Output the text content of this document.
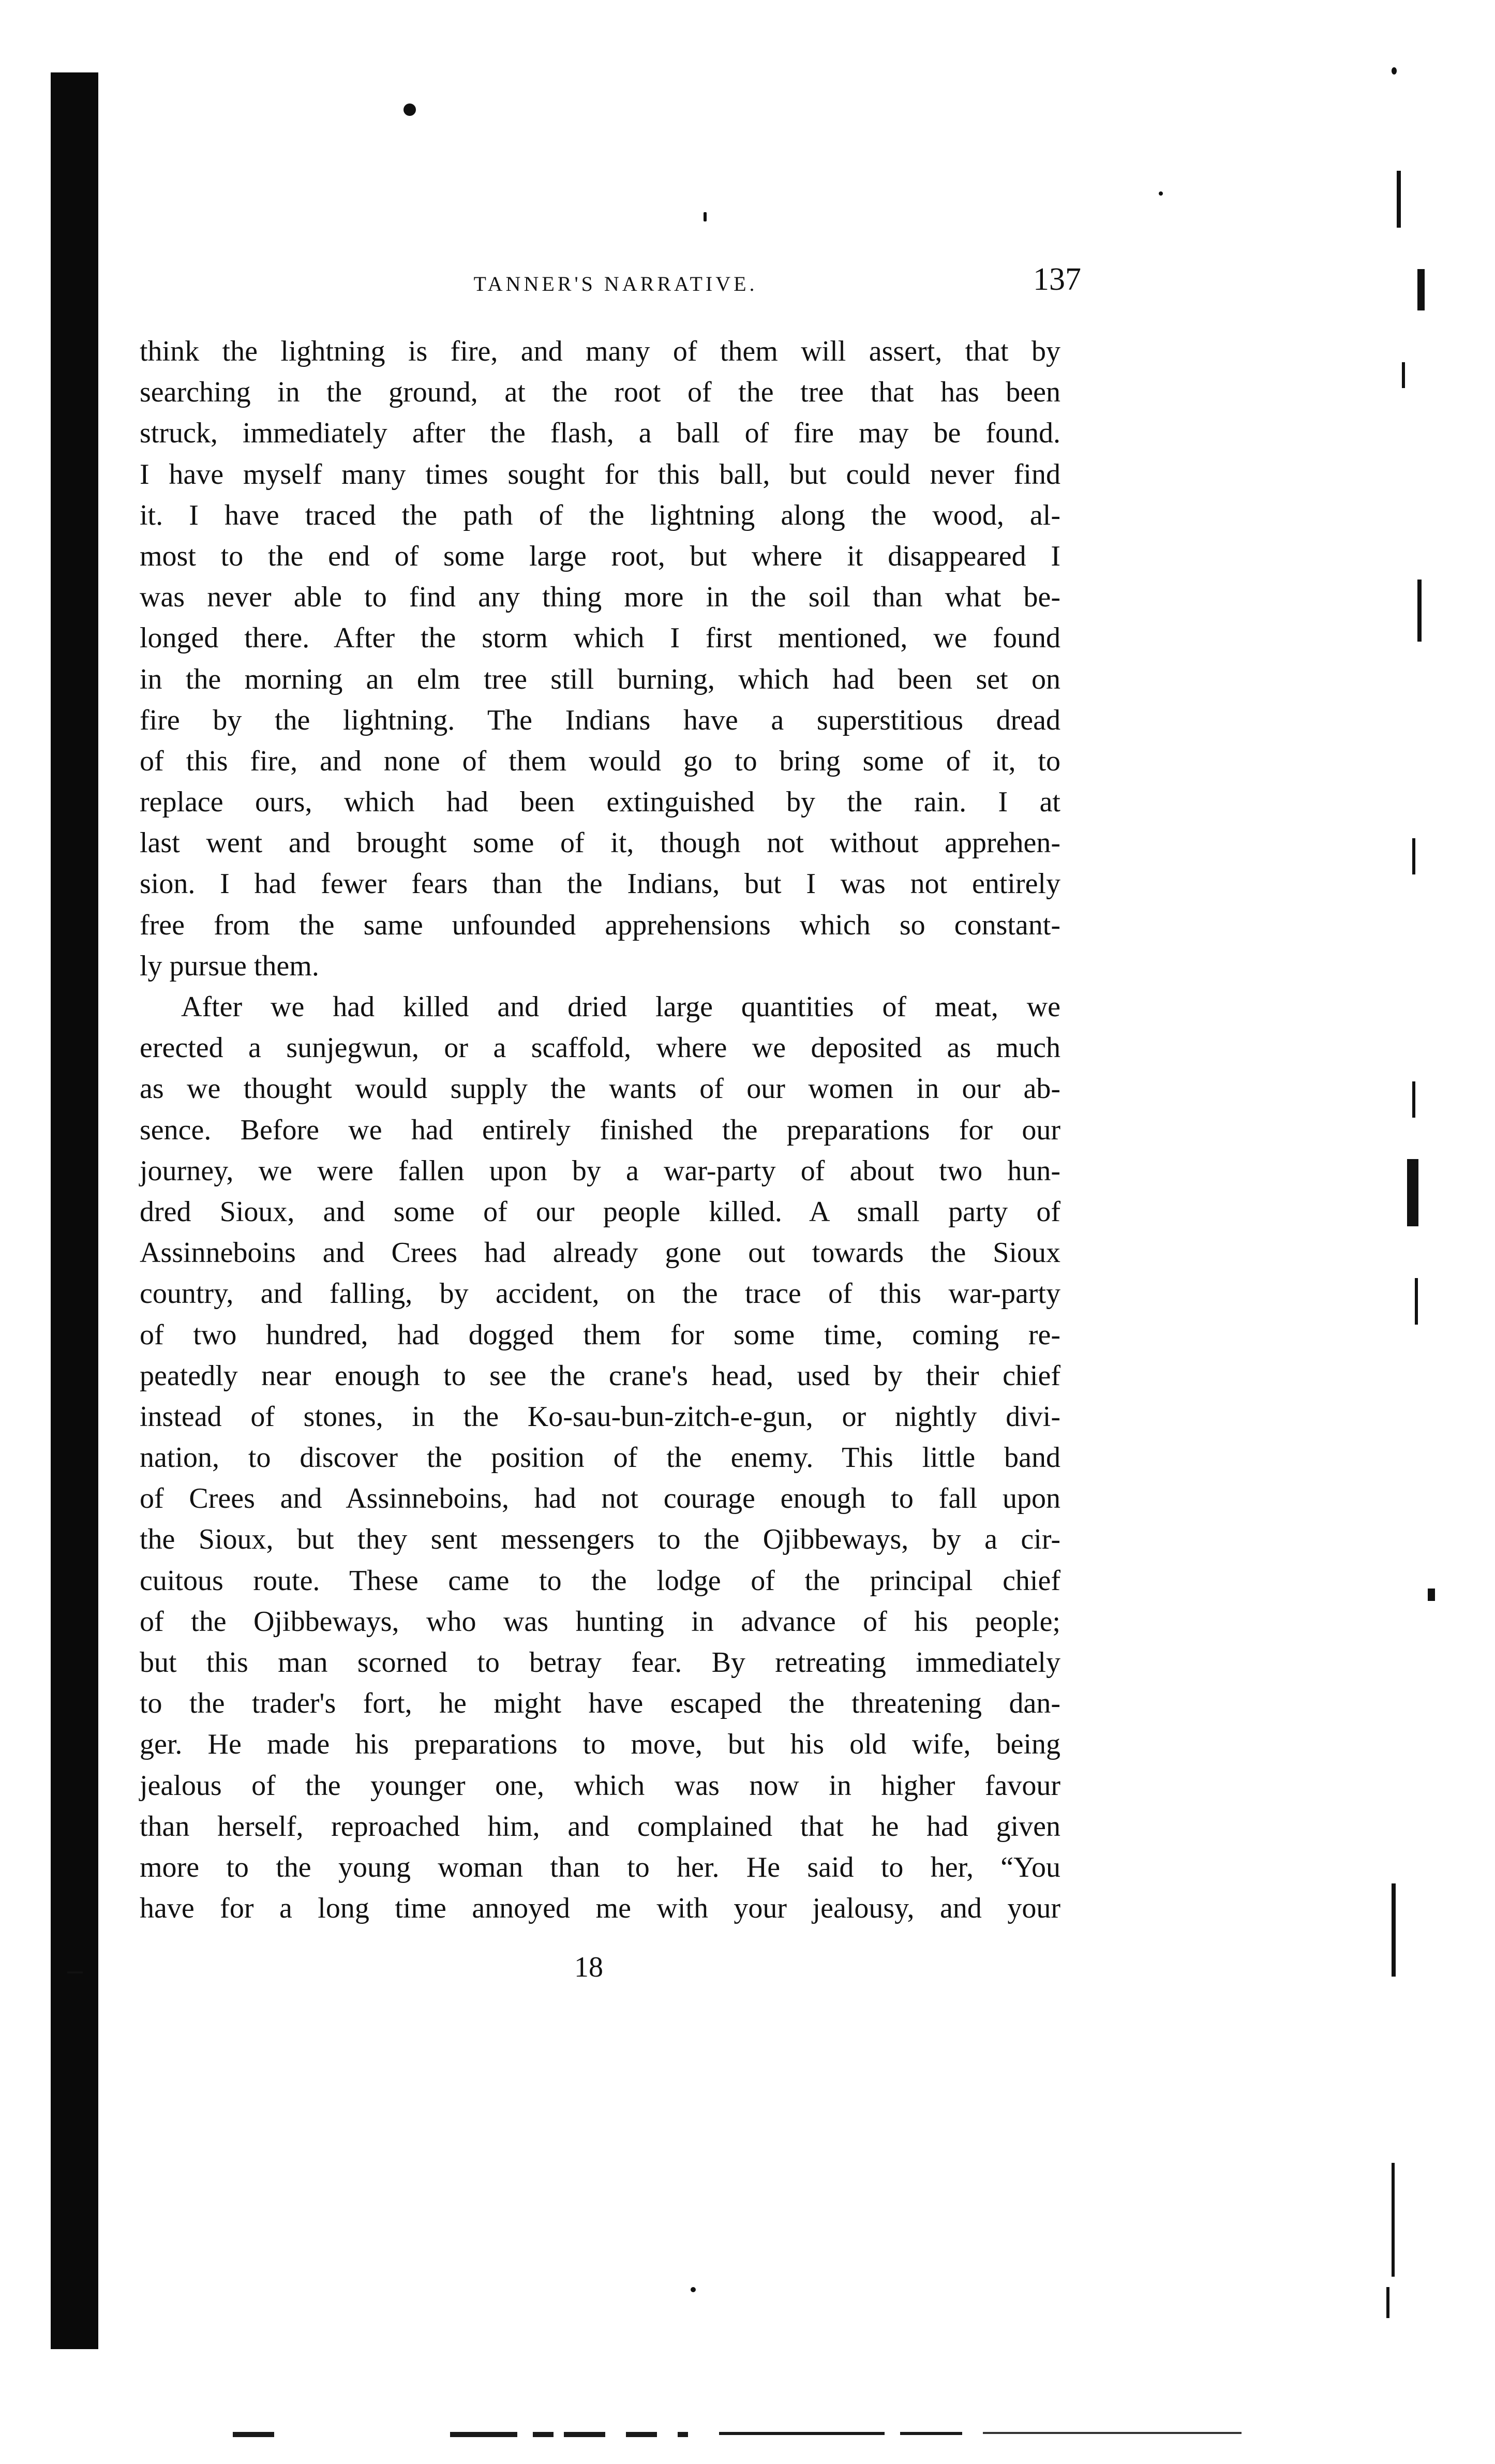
TANNER'S NARRATIVE.	137
think the lightning is fire, and many of them will assert, that by
searching in the ground, at the root of the tree that has been
struck, immediately after the flash, a ball of fire may be found.
I have myself many times sought for this ball, but could never find
it. I have traced the path of the lightning along the wood, al-
most to the end of some large root, but where it disappeared I
was never able to find any thing more in the soil than what be-
longed there. After the storm which I first mentioned, we found
in the morning an elm tree still burning, which had been set on
fire by the lightning. The Indians have a superstitious dread
of this fire, and none of them would go to bring some of it, to
replace ours, which had been extinguished by the rain. I at
last went and brought some of it, though not without apprehen-
sion. I had fewer fears than the Indians, but I was not entirely
free from the same unfounded apprehensions which so constant-
ly pursue them.
After we had killed and dried large quantities of meat, we
erected a sunjegwun, or a scaffold, where we deposited as much
as we thought would supply the wants of our women in our ab-
sence. Before we had entirely finished the preparations for our
journey, we were fallen upon by a war-party of about two hun-
dred Sioux, and some of our people killed. A small party of
Assinneboins and Crees had already gone out towards the Sioux
country, and falling, by accident, on the trace of this war-party
of two hundred, had dogged them for some time, coming re-
peatedly near enough to see the crane's head, used by their chief
instead of stones, in the Ko-sau-bun-zitch-e-gun, or nightly divi-
nation, to discover the position of the enemy. This little band
of Crees and Assinneboins, had not courage enough to fall upon
the Sioux, but they sent messengers to the Ojibbeways, by a cir-
cuitous route. These came to the lodge of the principal chief
of the Ojibbeways, who was hunting in advance of his people;
but this man scorned to betray fear. By retreating immediately
to the trader's fort, he might have escaped the threatening dan-
ger. He made his preparations to move, but his old wife, being
jealous of the younger one, which was now in higher favour
than herself, reproached him, and complained that he had given
more to the young woman than to her. He said to her, “You
have for a long time annoyed me with your jealousy, and your
18
